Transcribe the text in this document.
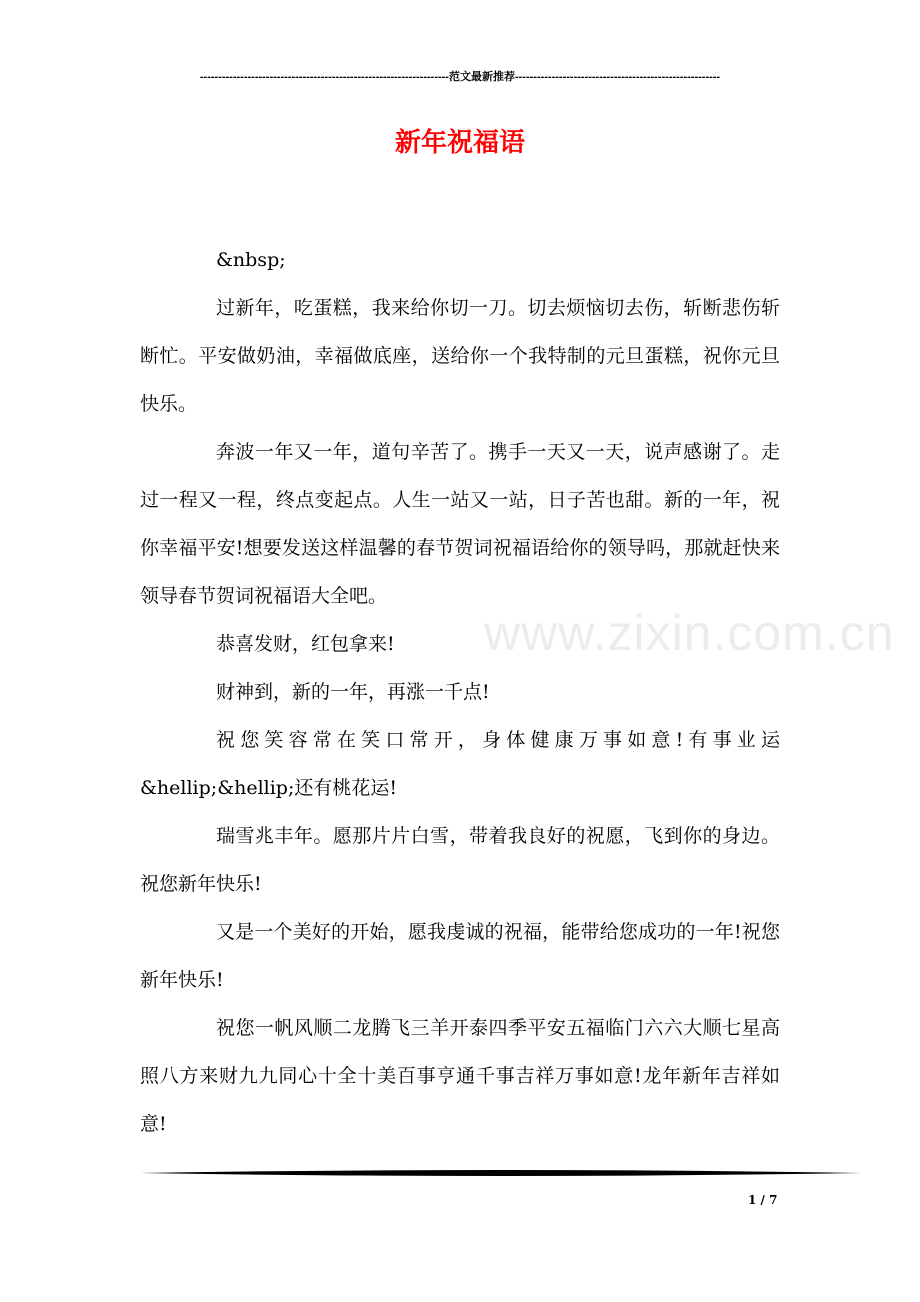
--------------------------------------------------------------------范文最新推荐--------------------------------------------------------
新年祝福语

&nbsp;

过新年，吃蛋糕，我来给你切一刀。切去烦恼切去伤，斩断悲伤斩断忙。平安做奶油，幸福做底座，送给你一个我特制的元旦蛋糕，祝你元旦快乐。

奔波一年又一年，道句辛苦了。携手一天又一天，说声感谢了。走过一程又一程，终点变起点。人生一站又一站，日子苦也甜。新的一年，祝你幸福平安!想要发送这样温馨的春节贺词祝福语给你的领导吗，那就赶快来领导春节贺词祝福语大全吧。

恭喜发财，红包拿来!

财神到，新的一年，再涨一千点!

祝您笑容常在笑口常开，身体健康万事如意!有事业运&hellip;&hellip;还有桃花运!

瑞雪兆丰年。愿那片片白雪，带着我良好的祝愿，飞到你的身边。祝您新年快乐!

又是一个美好的开始，愿我虔诚的祝福，能带给您成功的一年!祝您新年快乐!

祝您一帆风顺二龙腾飞三羊开泰四季平安五福临门六六大顺七星高照八方来财九九同心十全十美百事亨通千事吉祥万事如意!龙年新年吉祥如意!

www.zixin.com.cn
1 / 7
